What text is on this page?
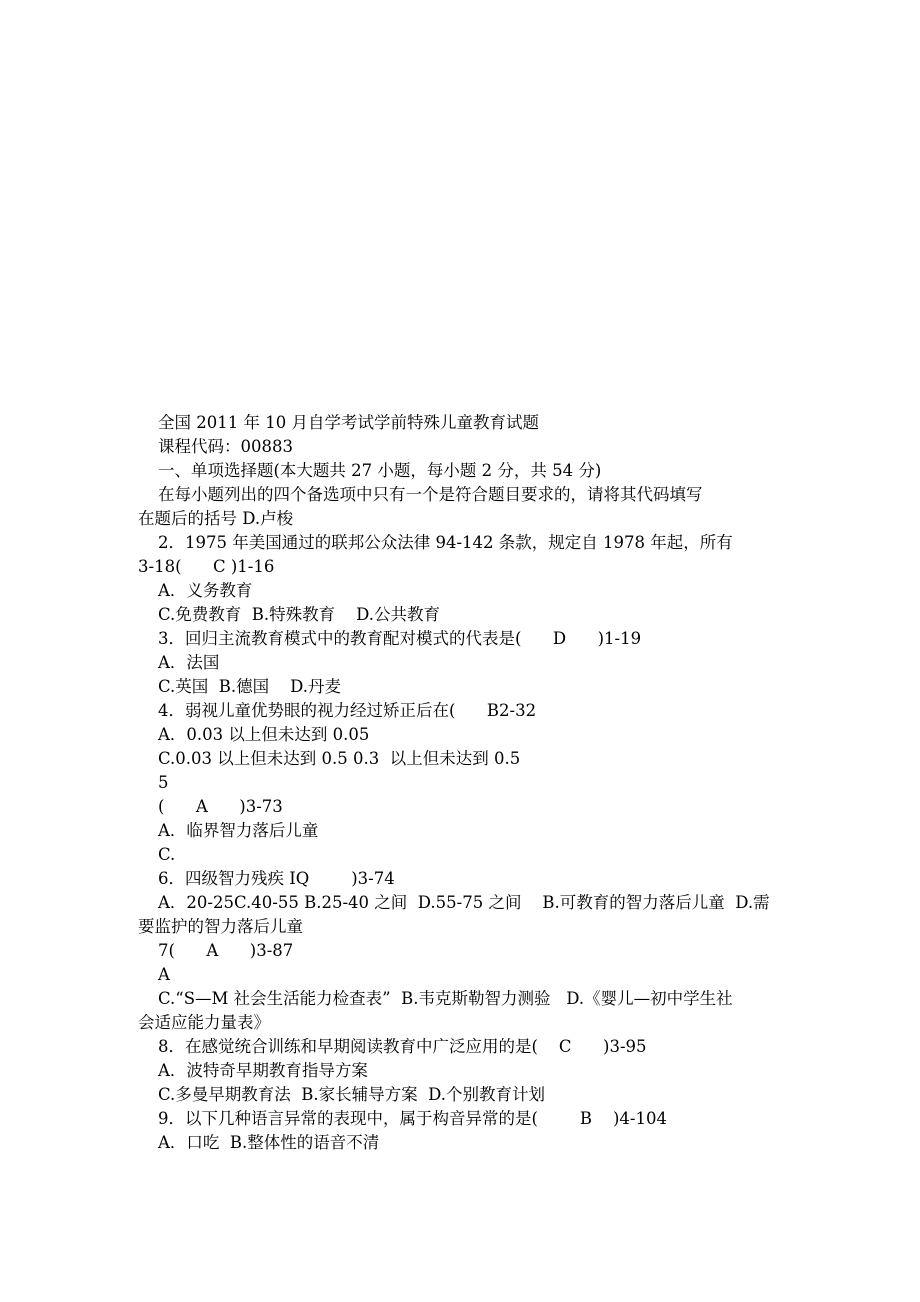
全国 2011 年 10 月自学考试学前特殊儿童教育试题
课程代码：00883
一、单项选择题(本大题共 27 小题，每小题 2 分，共 54 分)
在每小题列出的四个备选项中只有一个是符合题目要求的，请将其代码填写
在题后的括号 D.卢梭
2．1975 年美国通过的联邦公众法律 94-142 条款，规定自 1978 年起，所有
3-18(      C )1-16
A．义务教育
C.免费教育  B.特殊教育    D.公共教育
3．回归主流教育模式中的教育配对模式的代表是(      D      )1-19
A．法国
C.英国  B.德国    D.丹麦
4．弱视儿童优势眼的视力经过矫正后在(      B2-32
A．0.03 以上但未达到 0.05
C.0.03 以上但未达到 0.5 0.3  以上但未达到 0.5
5
(      A      )3-73
A．临界智力落后儿童
C.
6．四级智力残疾 IQ        )3-74
A．20-25C.40-55 B.25-40 之间  D.55-75 之间    B.可教育的智力落后儿童  D.需
要监护的智力落后儿童
7(      A      )3-87
A
C.“S—M 社会生活能力检查表”  B.韦克斯勒智力测验   D.《婴儿—初中学生社
会适应能力量表》
8．在感觉统合训练和早期阅读教育中广泛应用的是(    C      )3-95
A．波特奇早期教育指导方案
C.多曼早期教育法  B.家长辅导方案  D.个别教育计划
9．以下几种语言异常的表现中，属于构音异常的是(        B    )4-104
A．口吃  B.整体性的语音不清
